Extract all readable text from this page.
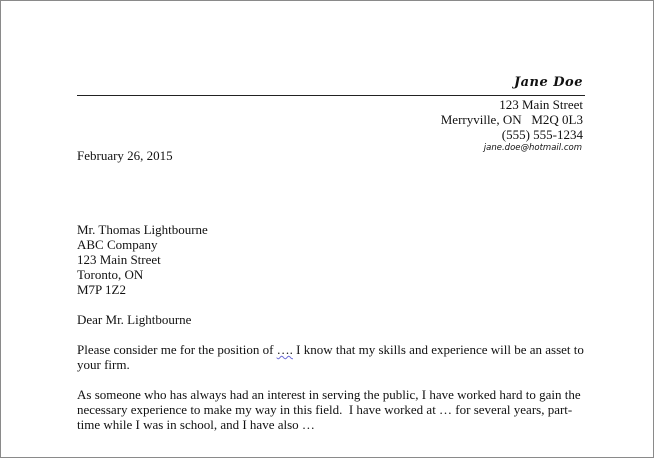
Jane Doe
123 Main Street
Merryville, ON   M2Q 0L3
(555) 555-1234
jane.doe@hotmail.com
February 26, 2015
Mr. Thomas Lightbourne
ABC Company
123 Main Street
Toronto, ON
M7P 1Z2
Dear Mr. Lightbourne
Please consider me for the position of …. I know that my skills and experience will be an asset to your firm.
As someone who has always had an interest in serving the public, I have worked hard to gain the necessary experience to make my way in this field.  I have worked at … for several years, part-time while I was in school, and I have also …
